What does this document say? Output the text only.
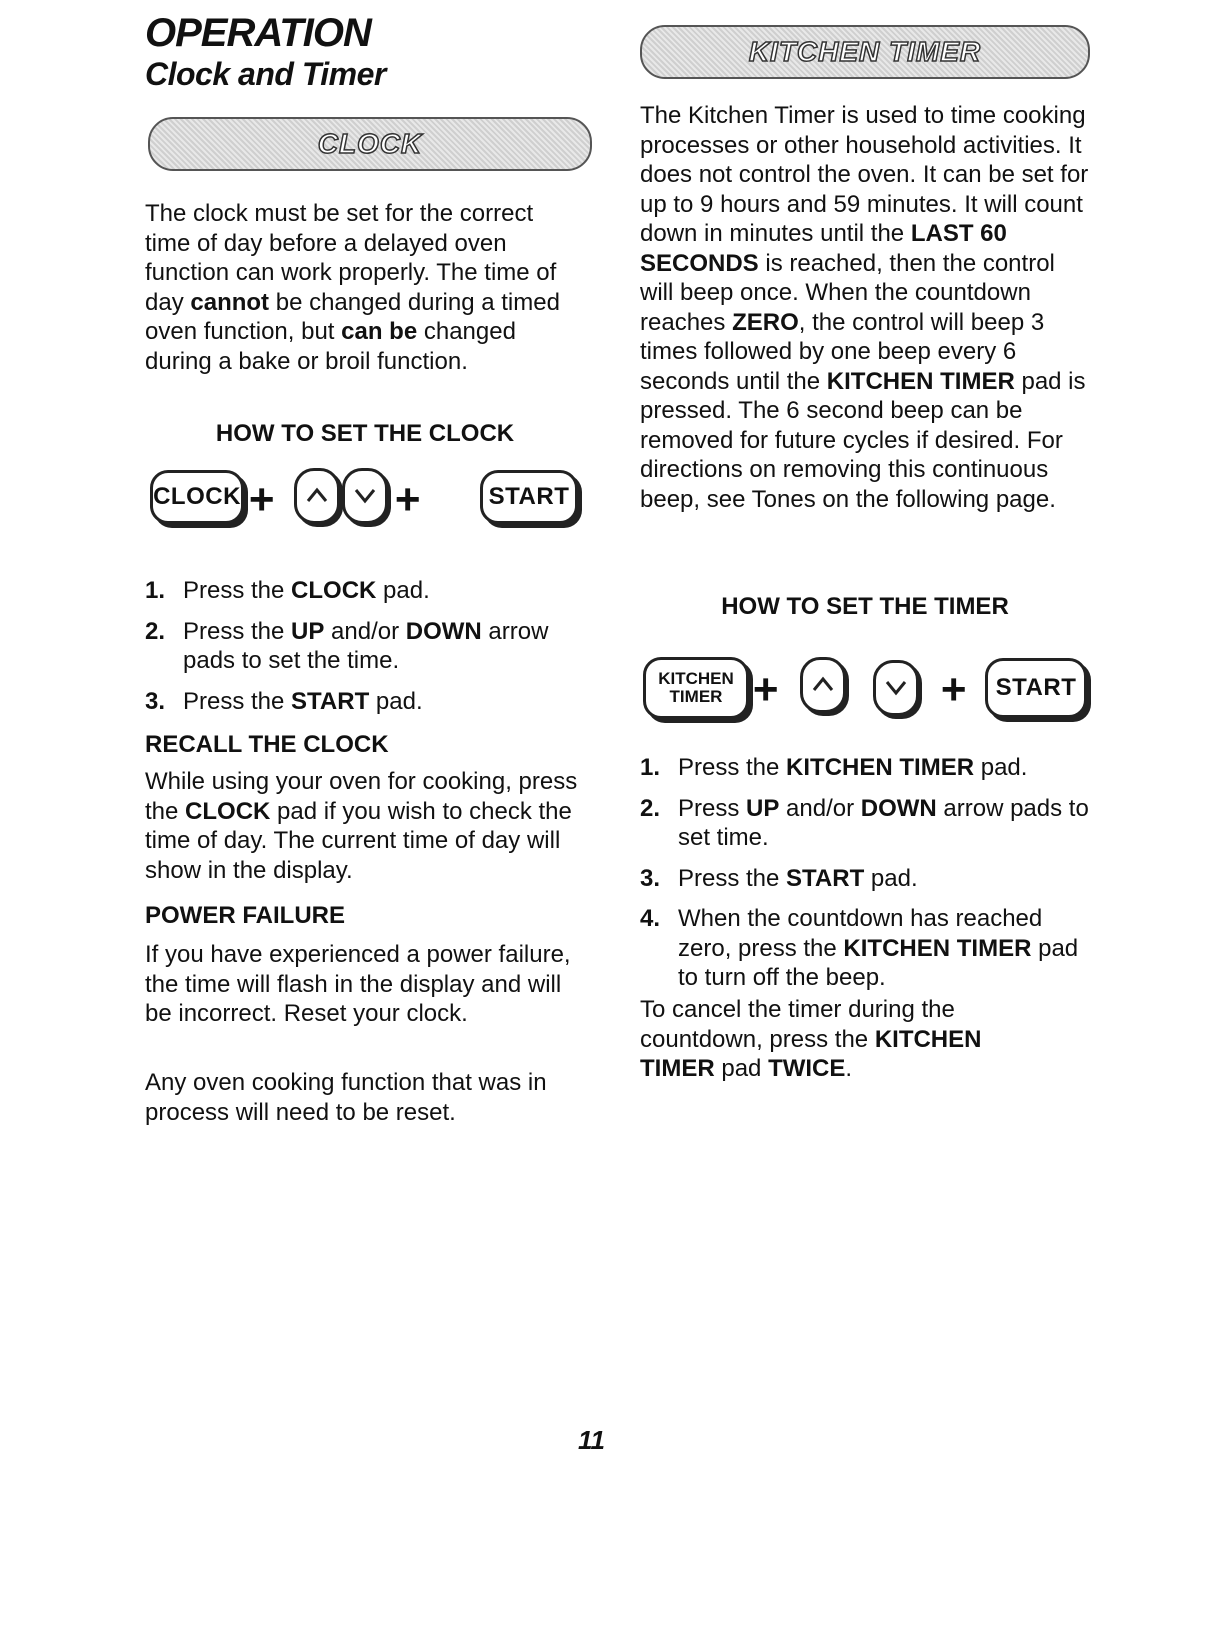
OPERATION
Clock and Timer
CLOCK
The clock must be set for the correct time of day before a delayed oven function can work properly. The time of day cannot be changed during a timed oven function, but can be changed during a bake or broil function.
HOW TO SET THE CLOCK
CLOCK +	+	START
1. Press the CLOCK pad.
2. Press the UP and/or DOWN arrow pads to set the time.
3. Press the START pad.
RECALL THE CLOCK
While using your oven for cooking, press the CLOCK pad if you wish to check the time of day. The current time of day will show in the display.
POWER FAILURE
If you have experienced a power failure, the time will flash in the display and will be incorrect. Reset your clock.
Any oven cooking function that was in process will need to be reset.
KITCHEN TIMER
The Kitchen Timer is used to time cooking processes or other household activities. It does not control the oven. It can be set for up to 9 hours and 59 minutes. It will count down in minutes until the LAST 60 SECONDS is reached, then the control will beep once. When the countdown reaches ZERO, the control will beep 3 times followed by one beep every 6 seconds until the KITCHEN TIMER pad is pressed. The 6 second beep can be removed for future cycles if desired. For directions on removing this continuous beep, see Tones on the following page.
HOW TO SET THE TIMER
KITCHEN
TIMER +	+ START
1. Press the KITCHEN TIMER pad.
2. Press UP and/or DOWN arrow pads to set time.
3. Press the START pad.
4. When the countdown has reached zero, press the KITCHEN TIMER pad to turn off the beep.
To cancel the timer during the countdown, press the KITCHEN TIMER pad TWICE.
11
